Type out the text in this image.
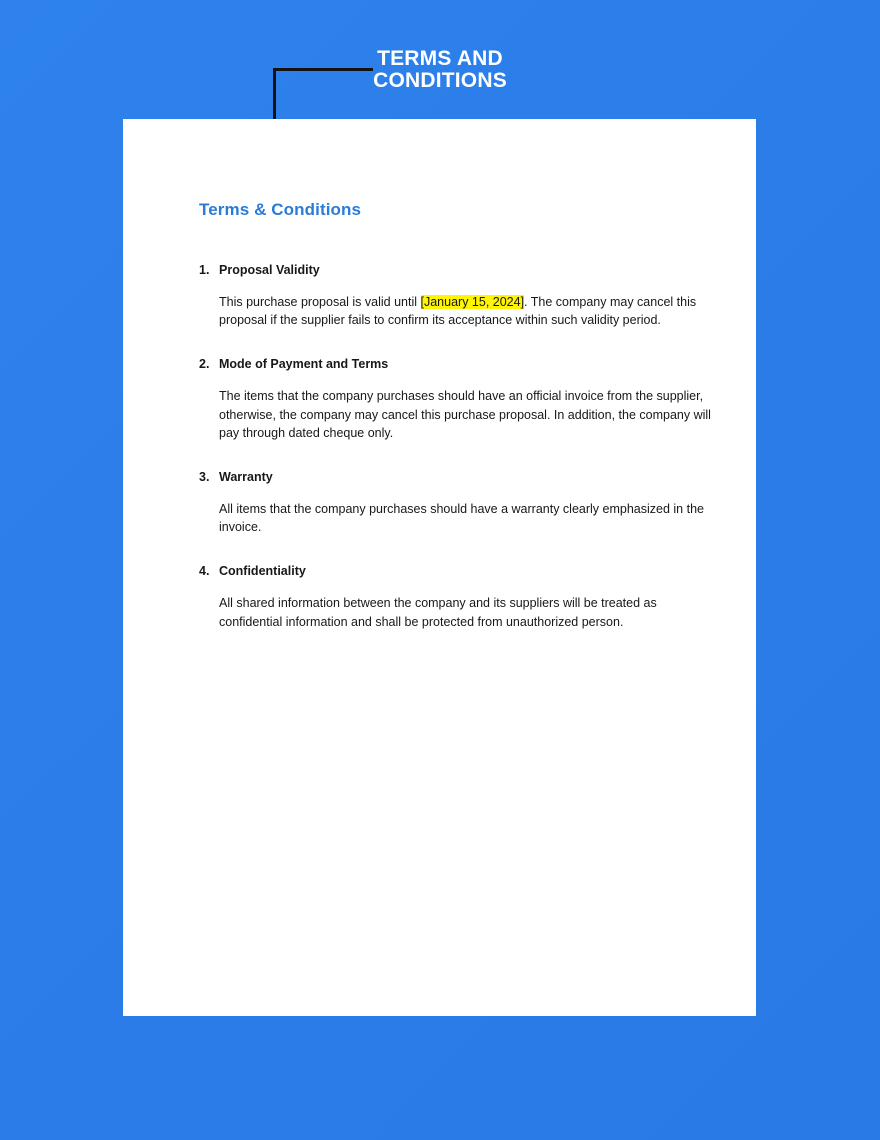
TERMS AND
CONDITIONS
Terms & Conditions
1. Proposal Validity
This purchase proposal is valid until [January 15, 2024]. The company may cancel this proposal if the supplier fails to confirm its acceptance within such validity period.
2. Mode of Payment and Terms
The items that the company purchases should have an official invoice from the supplier, otherwise, the company may cancel this purchase proposal. In addition, the company will pay through dated cheque only.
3. Warranty
All items that the company purchases should have a warranty clearly emphasized in the invoice.
4. Confidentiality
All shared information between the company and its suppliers will be treated as confidential information and shall be protected from unauthorized person.
